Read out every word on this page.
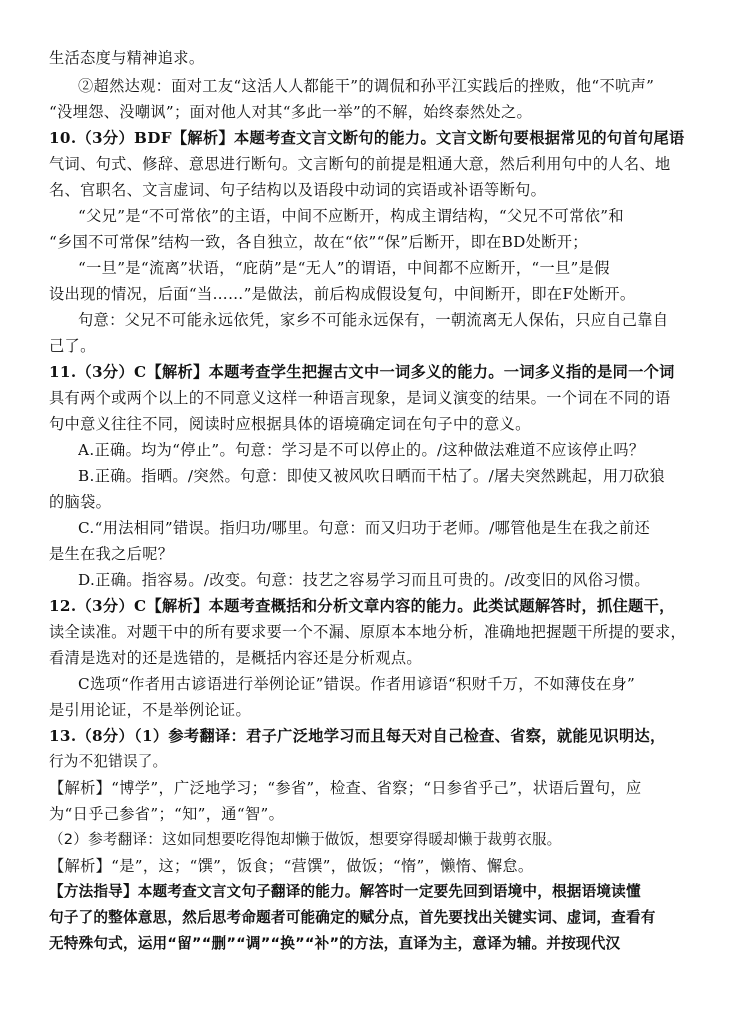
生活态度与精神追求。
②超然达观：面对工友“这活人人都能干”的调侃和孙平江实践后的挫败，他“不吭声”
“没埋怨、没嘲讽”；面对他人对其“多此一举”的不解，始终泰然处之。
10.（3分）BDF【解析】本题考查文言文断句的能力。文言文断句要根据常见的句首句尾语
气词、句式、修辞、意思进行断句。文言断句的前提是粗通大意，然后利用句中的人名、地
名、官职名、文言虚词、句子结构以及语段中动词的宾语或补语等断句。
“父兄”是“不可常依”的主语，中间不应断开，构成主谓结构，“父兄不可常依”和
“乡国不可常保”结构一致，各自独立，故在“依”“保”后断开，即在BD处断开；
“一旦”是“流离”状语，“庇荫”是“无人”的谓语，中间都不应断开，“一旦”是假
设出现的情况，后面“当……”是做法，前后构成假设复句，中间断开，即在F处断开。
句意：父兄不可能永远依凭，家乡不可能永远保有，一朝流离无人保佑，只应自己靠自
己了。
11.（3分）C【解析】本题考查学生把握古文中一词多义的能力。一词多义指的是同一个词
具有两个或两个以上的不同意义这样一种语言现象，是词义演变的结果。一个词在不同的语
句中意义往往不同，阅读时应根据具体的语境确定词在句子中的意义。
A.正确。均为“停止”。句意：学习是不可以停止的。/这种做法难道不应该停止吗？
B.正确。指晒。/突然。句意：即使又被风吹日晒而干枯了。/屠夫突然跳起，用刀砍狼
的脑袋。
C.“用法相同”错误。指归功/哪里。句意：而又归功于老师。/哪管他是生在我之前还
是生在我之后呢？
D.正确。指容易。/改变。句意：技艺之容易学习而且可贵的。/改变旧的风俗习惯。
12.（3分）C【解析】本题考查概括和分析文章内容的能力。此类试题解答时，抓住题干，
读全读准。对题干中的所有要求要一个不漏、原原本本地分析，准确地把握题干所提的要求，
看清是选对的还是选错的，是概括内容还是分析观点。
C选项“作者用古谚语进行举例论证”错误。作者用谚语“积财千万，不如薄伎在身”
是引用论证，不是举例论证。
13.（8分）（1）参考翻译：君子广泛地学习而且每天对自己检查、省察，就能见识明达，
行为不犯错误了。
【解析】“博学”，广泛地学习；“参省”，检查、省察；“日参省乎己”，状语后置句，应
为“日乎己参省”；“知”，通“智”。
（2）参考翻译：这如同想要吃得饱却懒于做饭，想要穿得暖却懒于裁剪衣服。
【解析】“是”，这；“馔”，饭食；“营馔”，做饭；“惰”，懒惰、懈怠。
【方法指导】本题考查文言文句子翻译的能力。解答时一定要先回到语境中，根据语境读懂
句子了的整体意思，然后思考命题者可能确定的赋分点，首先要找出关键实词、虚词，查看有
无特殊句式，运用“留”“删”“调”“换”“补”的方法，直译为主，意译为辅。并按现代汉
